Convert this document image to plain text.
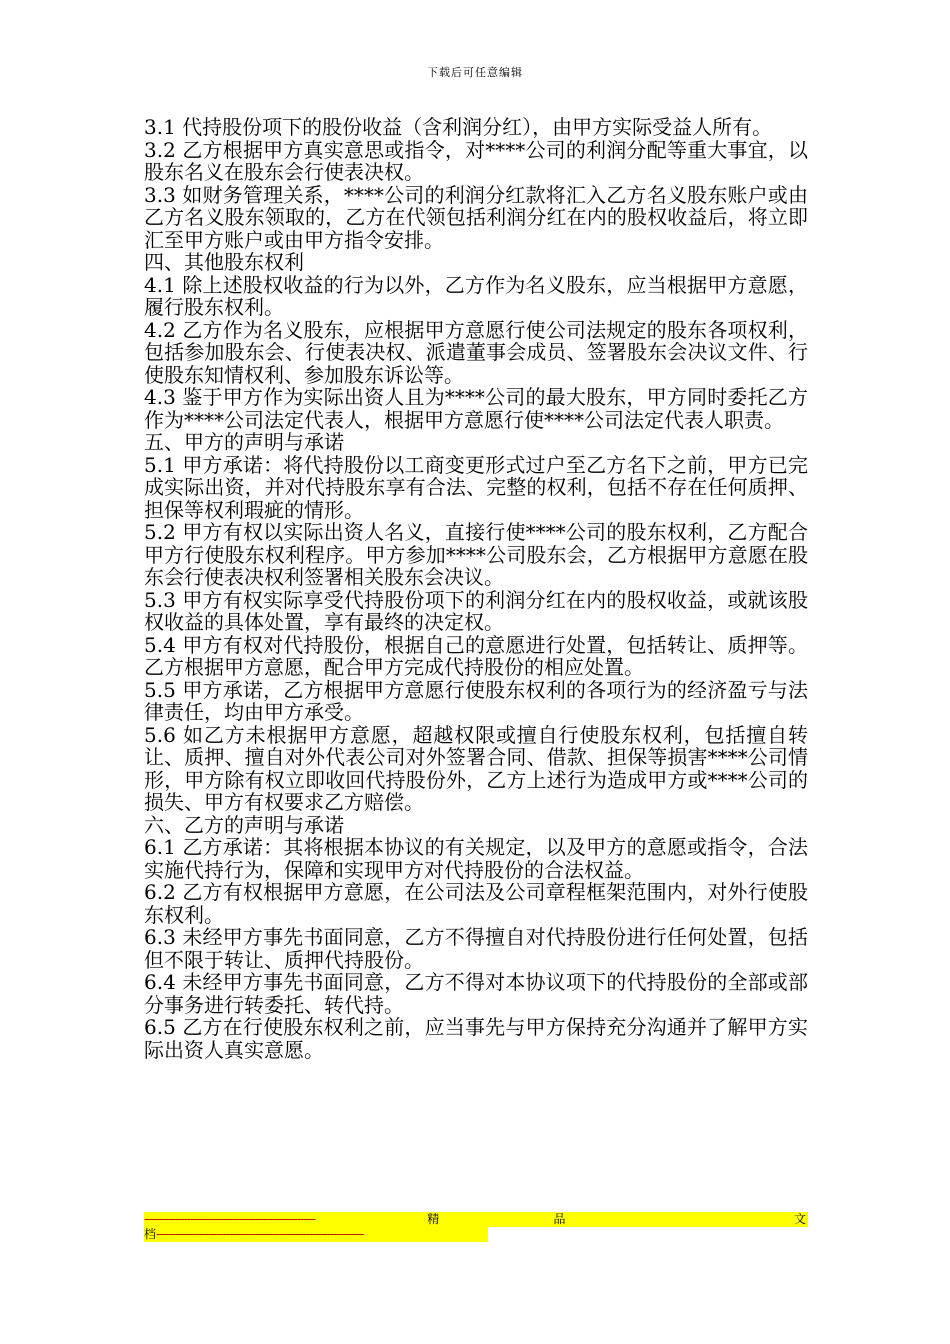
下载后可任意编辑

3.1 代持股份项下的股份收益（含利润分红），由甲方实际受益人所有。

3.2 乙方根据甲方真实意思或指令，对****公司的利润分配等重大事宜，以股东名义在股东会行使表决权。

3.3 如财务管理关系，****公司的利润分红款将汇入乙方名义股东账户或由乙方名义股东领取的，乙方在代领包括利润分红在内的股权收益后，将立即汇至甲方账户或由甲方指令安排。

四、其他股东权利

4.1 除上述股权收益的行为以外，乙方作为名义股东，应当根据甲方意愿，履行股东权利。

4.2 乙方作为名义股东，应根据甲方意愿行使公司法规定的股东各项权利，包括参加股东会、行使表决权、派遣董事会成员、签署股东会决议文件、行使股东知情权利、参加股东诉讼等。

4.3 鉴于甲方作为实际出资人且为****公司的最大股东，甲方同时委托乙方作为****公司法定代表人，根据甲方意愿行使****公司法定代表人职责。

五、甲方的声明与承诺

5.1 甲方承诺：将代持股份以工商变更形式过户至乙方名下之前，甲方已完成实际出资，并对代持股东享有合法、完整的权利，包括不存在任何质押、担保等权利瑕疵的情形。

5.2 甲方有权以实际出资人名义，直接行使****公司的股东权利，乙方配合甲方行使股东权利程序。甲方参加****公司股东会，乙方根据甲方意愿在股东会行使表决权利签署相关股东会决议。

5.3 甲方有权实际享受代持股份项下的利润分红在内的股权收益，或就该股权收益的具体处置，享有最终的决定权。

5.4 甲方有权对代持股份，根据自己的意愿进行处置，包括转让、质押等。乙方根据甲方意愿，配合甲方完成代持股份的相应处置。

5.5 甲方承诺，乙方根据甲方意愿行使股东权利的各项行为的经济盈亏与法律责任，均由甲方承受。

5.6 如乙方未根据甲方意愿，超越权限或擅自行使股东权利，包括擅自转让、质押、擅自对外代表公司对外签署合同、借款、担保等损害****公司情形，甲方除有权立即收回代持股份外，乙方上述行为造成甲方或****公司的损失、甲方有权要求乙方赔偿。

六、乙方的声明与承诺

6.1 乙方承诺：其将根据本协议的有关规定，以及甲方的意愿或指令，合法实施代持行为，保障和实现甲方对代持股份的合法权益。

6.2 乙方有权根据甲方意愿，在公司法及公司章程框架范围内，对外行使股东权利。

6.3 未经甲方事先书面同意，乙方不得擅自对代持股份进行任何处置，包括但不限于转让、质押代持股份。

6.4 未经甲方事先书面同意，乙方不得对本协议项下的代持股份的全部或部分事务进行转委托、转代持。

6.5 乙方在行使股东权利之前，应当事先与甲方保持充分沟通并了解甲方实际出资人真实意愿。

--------------------------------------------------------	精	品	文
档 --------------------------------------------------------------------
